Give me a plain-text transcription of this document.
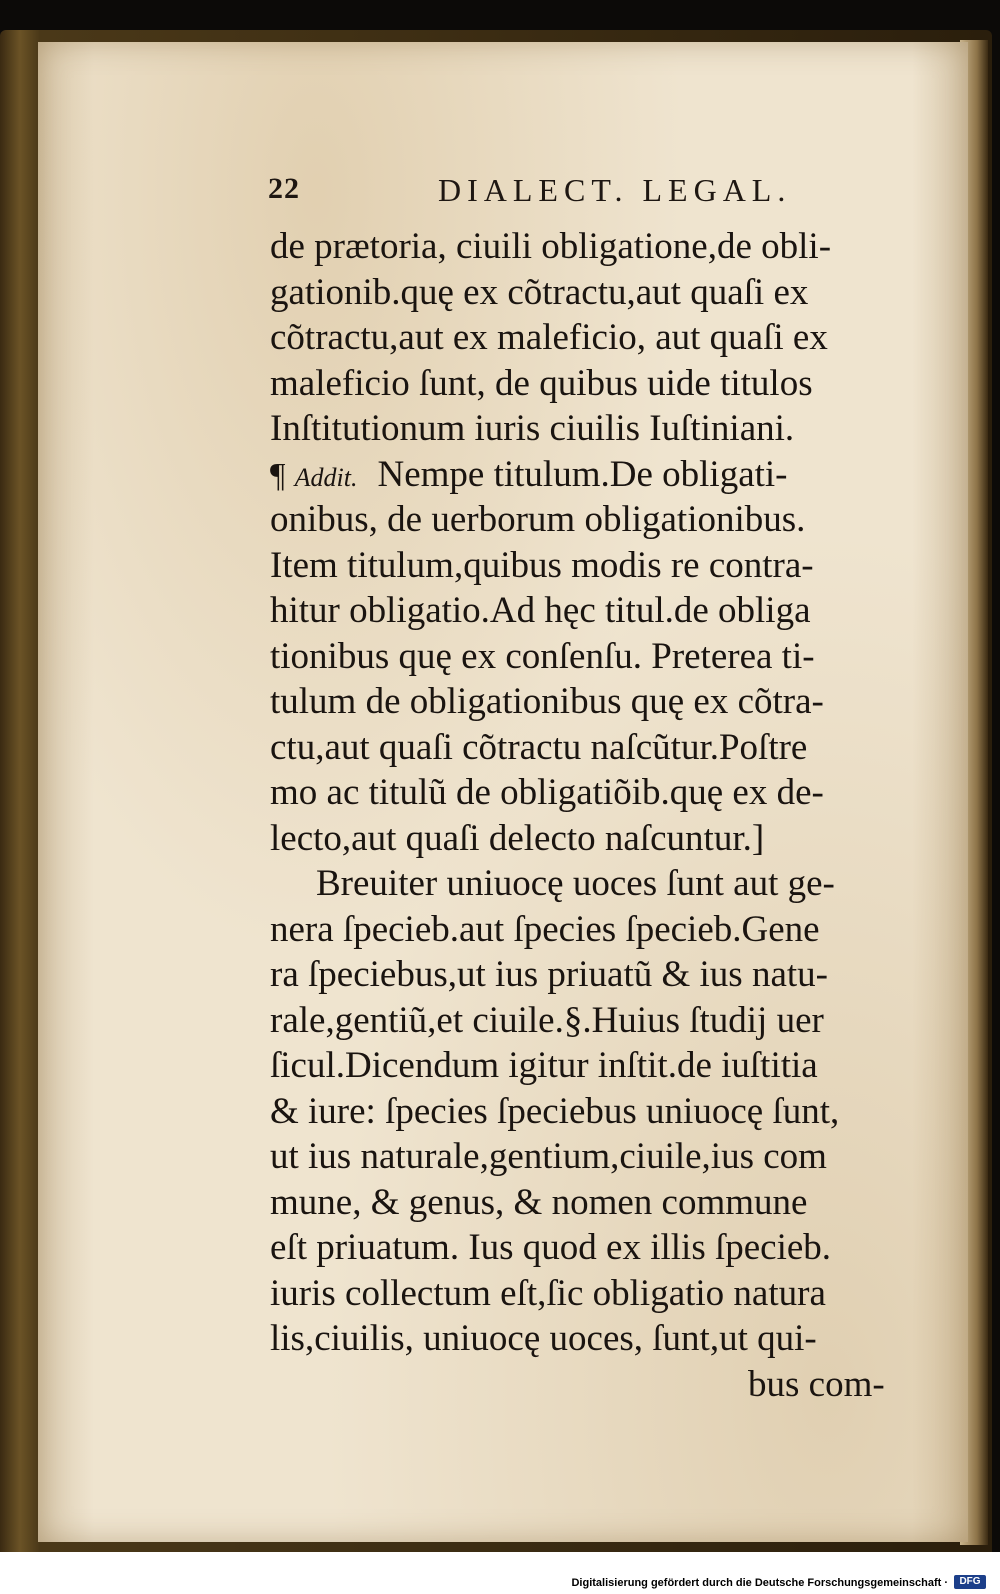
22	DIALECT. LEGAL.
de prætoria, ciuili obligatione,de obli-
gationib.quę ex cõtractu,aut quaſi ex
cõtractu,aut ex maleficio, aut quaſi ex
maleficio ſunt, de quibus uide titulos
Inſtitutionum iuris ciuilis Iuſtiniani.
¶ Addit. Nempe titulum.De obligati-
onibus, de uerborum obligationibus.
Item titulum,quibus modis re contra-
hitur obligatio.Ad hęc titul.de obliga
tionibus quę ex conſenſu. Preterea ti-
tulum de obligationibus quę ex cõtra-
ctu,aut quaſi cõtractu naſcũtur.Poſtre
mo ac titulũ de obligatiõib.quę ex de-
lecto,aut quaſi delecto naſcuntur.]
Breuiter uniuocę uoces ſunt aut ge-
nera ſpecieb.aut ſpecies ſpecieb.Gene
ra ſpeciebus,ut ius priuatũ & ius natu-
rale,gentiũ,et ciuile.§.Huius ſtudij uer
ſicul.Dicendum igitur inſtit.de iuſtitia
& iure: ſpecies ſpeciebus uniuocę ſunt,
ut ius naturale,gentium,ciuile,ius com
mune, & genus, & nomen commune
eſt priuatum. Ius quod ex illis ſpecieb.
iuris collectum eſt,ſic obligatio natura
lis,ciuilis, uniuocę uoces, ſunt,ut qui-
bus com-
Digitalisierung gefördert durch die Deutsche Forschungsgemeinschaft ·	DFG
